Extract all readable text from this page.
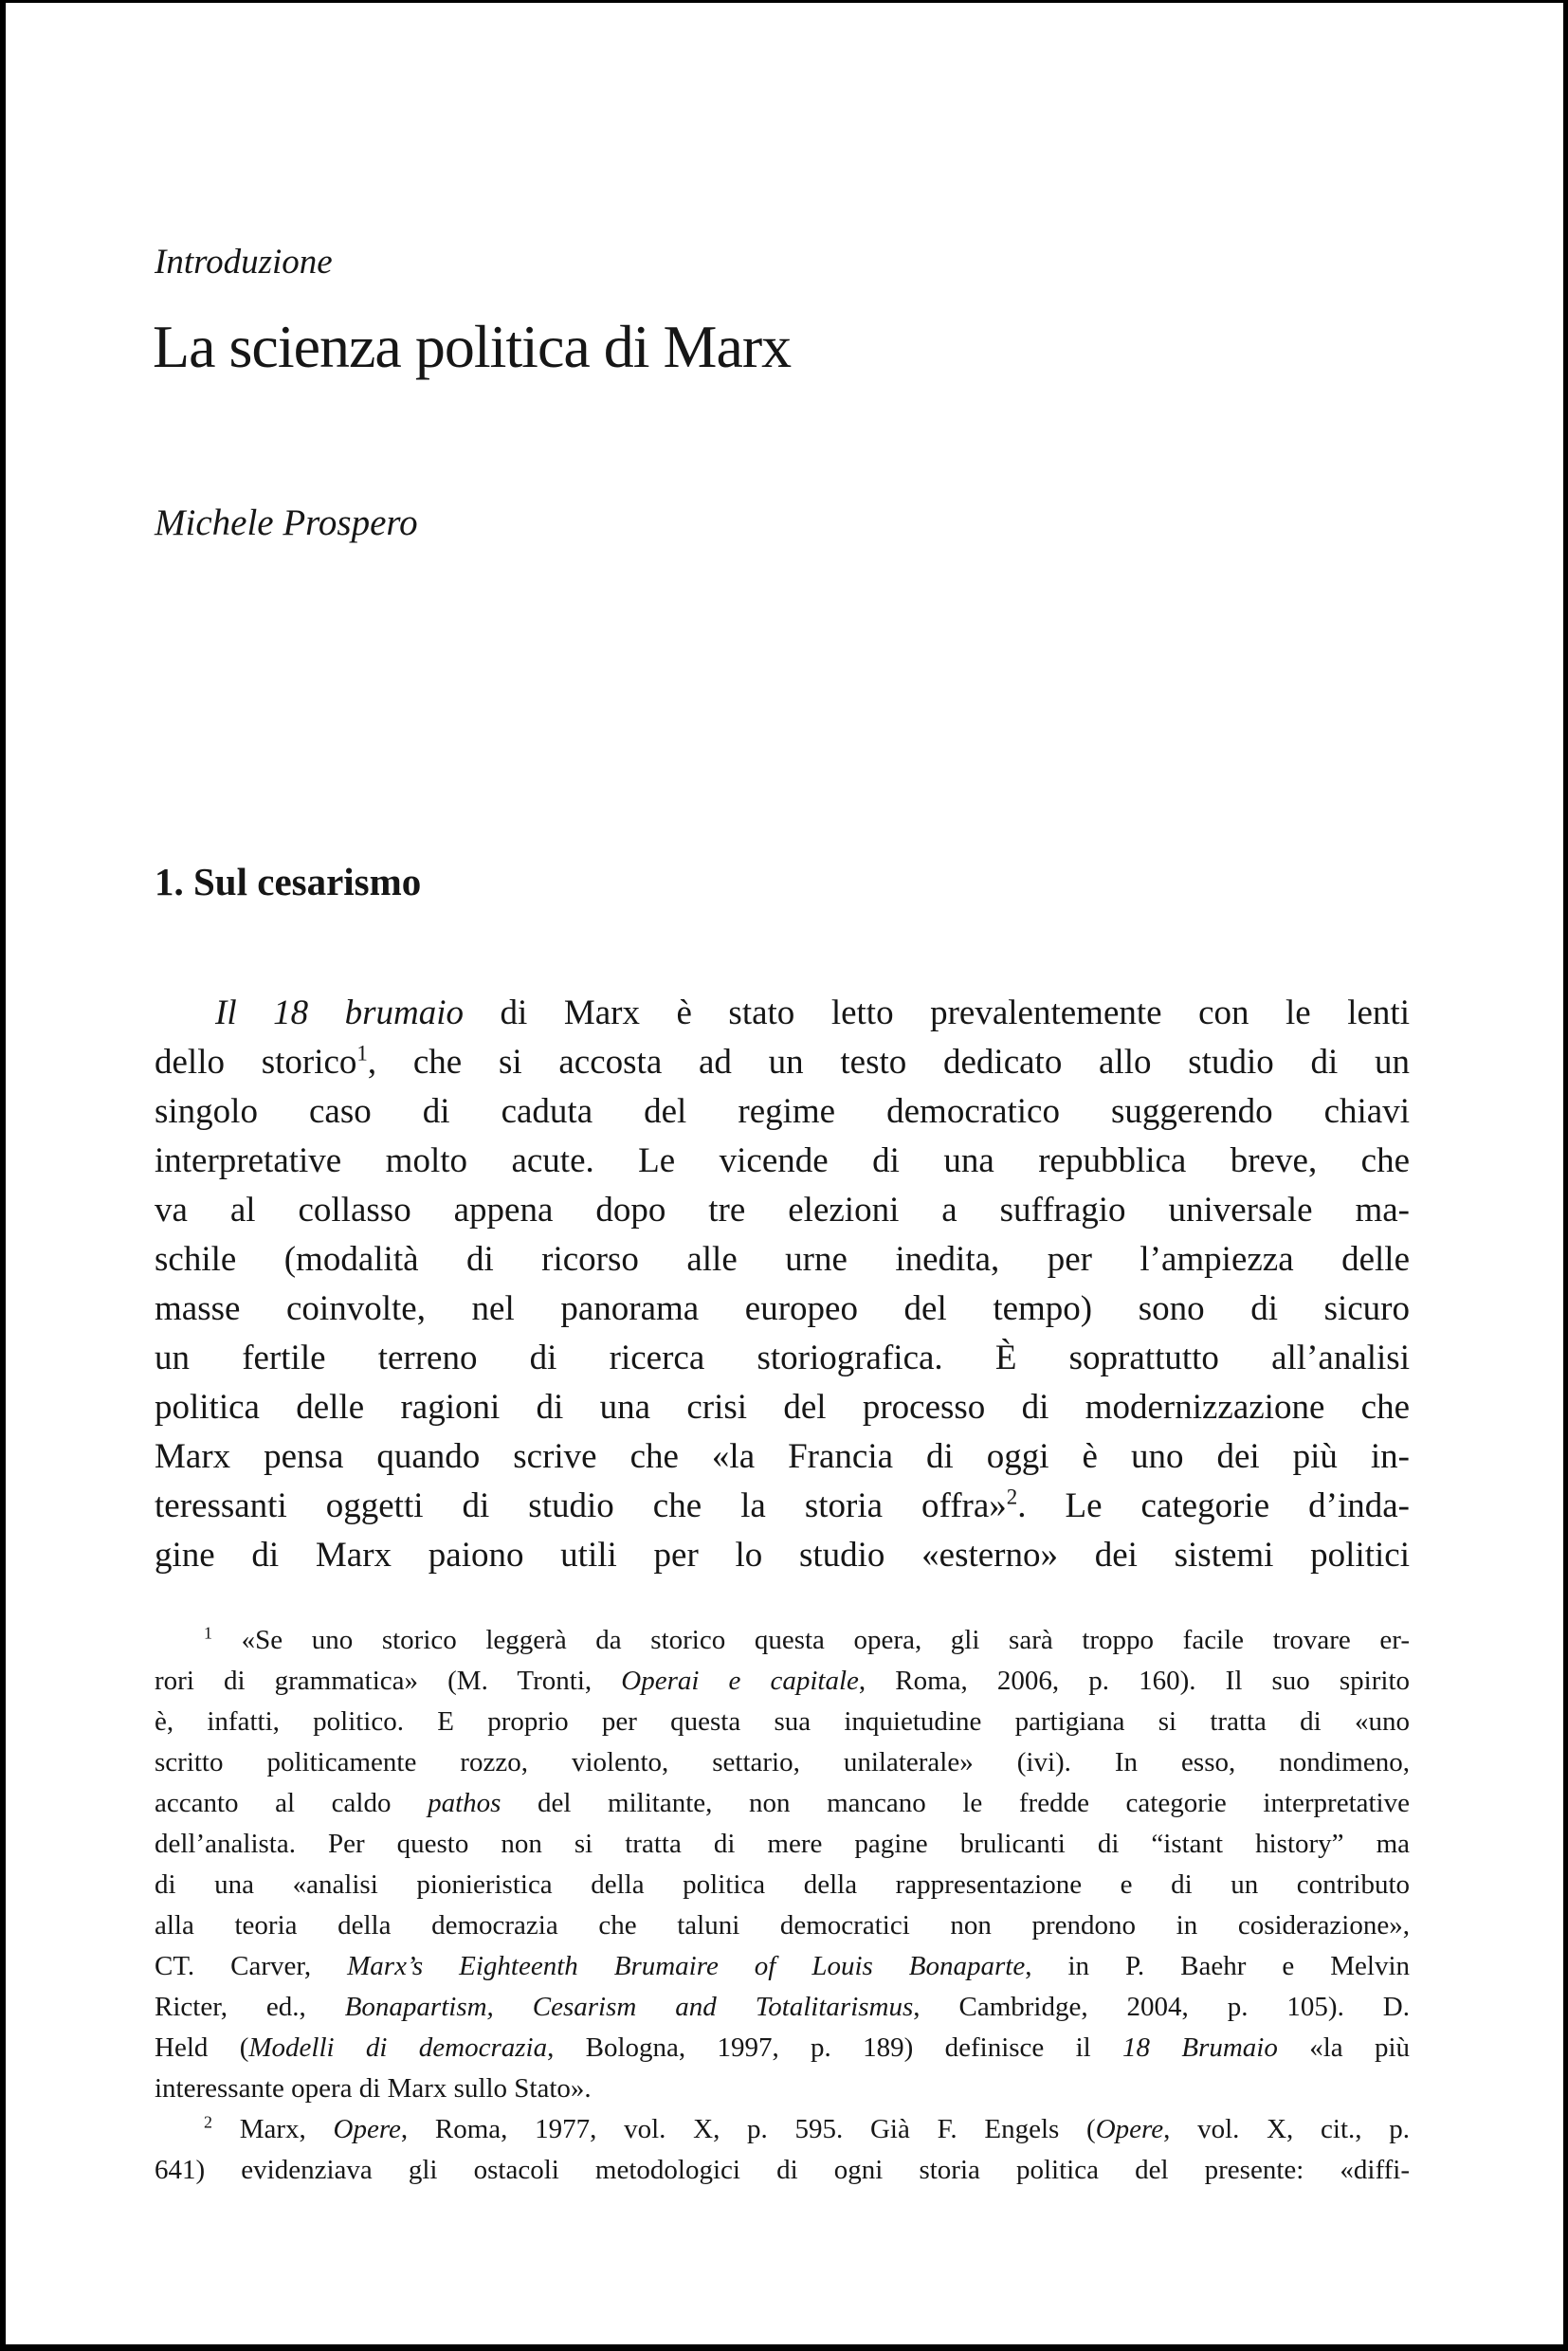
Introduzione
La scienza politica di Marx
Michele Prospero
1. Sul cesarismo
Il 18 brumaio di Marx è stato letto prevalentemente con le lenti
dello storico$^1$, che si accosta ad un testo dedicato allo studio di un
singolo caso di caduta del regime democratico suggerendo chiavi
interpretative molto acute. Le vicende di una repubblica breve, che
va al collasso appena dopo tre elezioni a suffragio universale ma-
schile (modalità di ricorso alle urne inedita, per l’ampiezza delle
masse coinvolte, nel panorama europeo del tempo) sono di sicuro
un fertile terreno di ricerca storiografica. È soprattutto all’analisi
politica delle ragioni di una crisi del processo di modernizzazione che
Marx pensa quando scrive che «la Francia di oggi è uno dei più in-
teressanti oggetti di studio che la storia offra»$^2$. Le categorie d’inda-
gine di Marx paiono utili per lo studio «esterno» dei sistemi politici
$^1$ «Se uno storico leggerà da storico questa opera, gli sarà troppo facile trovare er-
rori di grammatica» (M. Tronti, Operai e capitale, Roma, 2006, p. 160). Il suo spirito
è, infatti, politico. E proprio per questa sua inquietudine partigiana si tratta di «uno
scritto politicamente rozzo, violento, settario, unilaterale» (ivi). In esso, nondimeno,
accanto al caldo pathos del militante, non mancano le fredde categorie interpretative
dell’analista. Per questo non si tratta di mere pagine brulicanti di “istant history” ma
di una «analisi pionieristica della politica della rappresentazione e di un contributo
alla teoria della democrazia che taluni democratici non prendono in cosiderazione»,
CT. Carver, Marx’s Eighteenth Brumaire of Louis Bonaparte, in P. Baehr e Melvin
Ricter, ed., Bonapartism, Cesarism and Totalitarismus, Cambridge, 2004, p. 105). D.
Held (Modelli di democrazia, Bologna, 1997, p. 189) definisce il 18 Brumaio «la più
interessante opera di Marx sullo Stato».
$^2$ Marx, Opere, Roma, 1977, vol. X, p. 595. Già F. Engels (Opere, vol. X, cit., p.
641) evidenziava gli ostacoli metodologici di ogni storia politica del presente: «diffi-
